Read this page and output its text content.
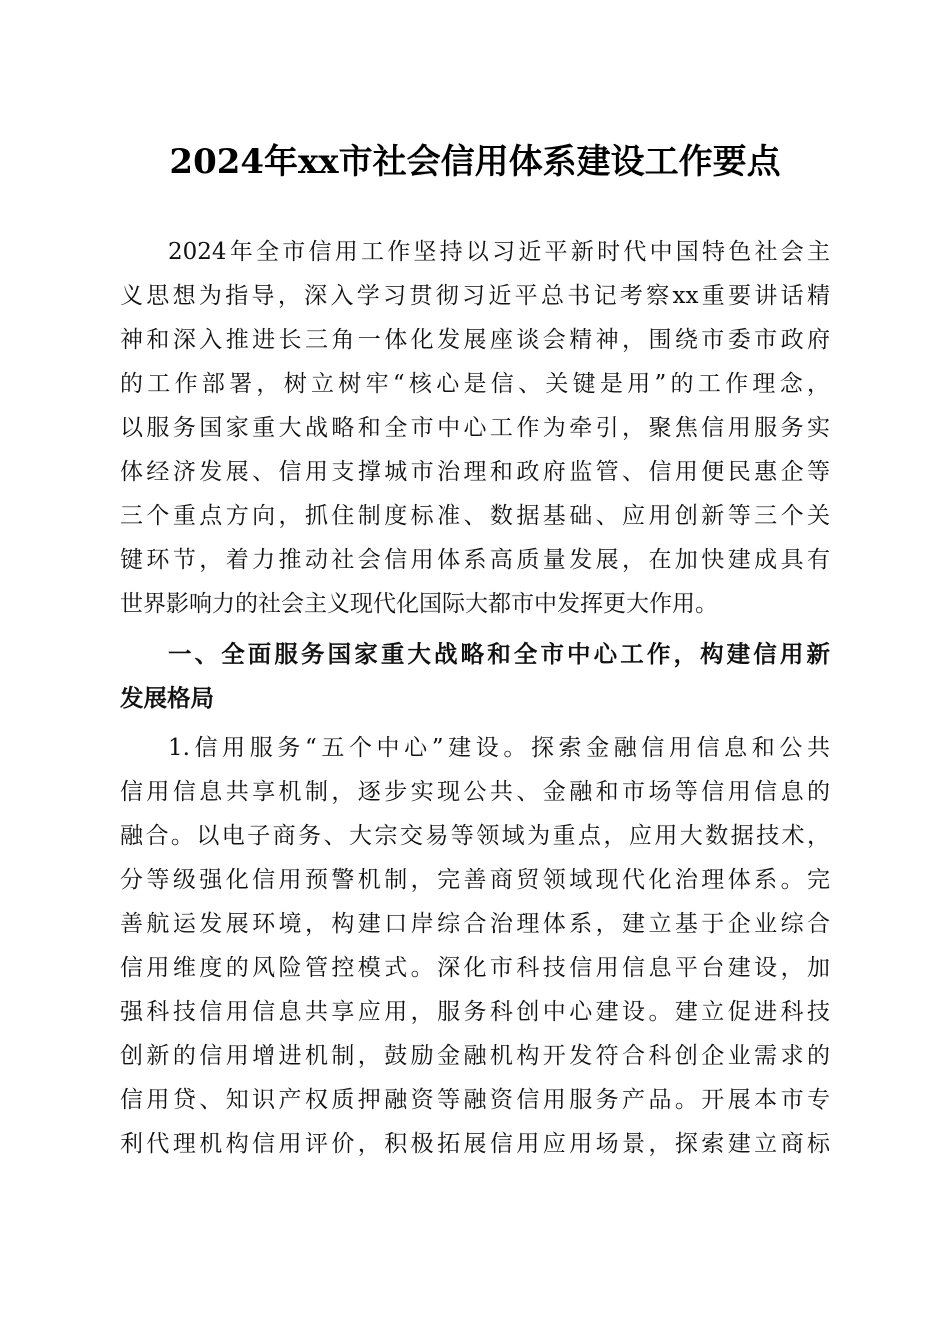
2024年xx市社会信用体系建设工作要点
2024年全市信用工作坚持以习近平新时代中国特色社会主
义思想为指导，深入学习贯彻习近平总书记考察xx重要讲话精
神和深入推进长三角一体化发展座谈会精神，围绕市委市政府
的工作部署，树立树牢“核心是信、关键是用”的工作理念，
以服务国家重大战略和全市中心工作为牵引，聚焦信用服务实
体经济发展、信用支撑城市治理和政府监管、信用便民惠企等
三个重点方向，抓住制度标准、数据基础、应用创新等三个关
键环节，着力推动社会信用体系高质量发展，在加快建成具有
世界影响力的社会主义现代化国际大都市中发挥更大作用。
一、全面服务国家重大战略和全市中心工作，构建信用新
发展格局
1.信用服务“五个中心”建设。探索金融信用信息和公共
信用信息共享机制，逐步实现公共、金融和市场等信用信息的
融合。以电子商务、大宗交易等领域为重点，应用大数据技术，
分等级强化信用预警机制，完善商贸领域现代化治理体系。完
善航运发展环境，构建口岸综合治理体系，建立基于企业综合
信用维度的风险管控模式。深化市科技信用信息平台建设，加
强科技信用信息共享应用，服务科创中心建设。建立促进科技
创新的信用增进机制，鼓励金融机构开发符合科创企业需求的
信用贷、知识产权质押融资等融资信用服务产品。开展本市专
利代理机构信用评价，积极拓展信用应用场景，探索建立商标
